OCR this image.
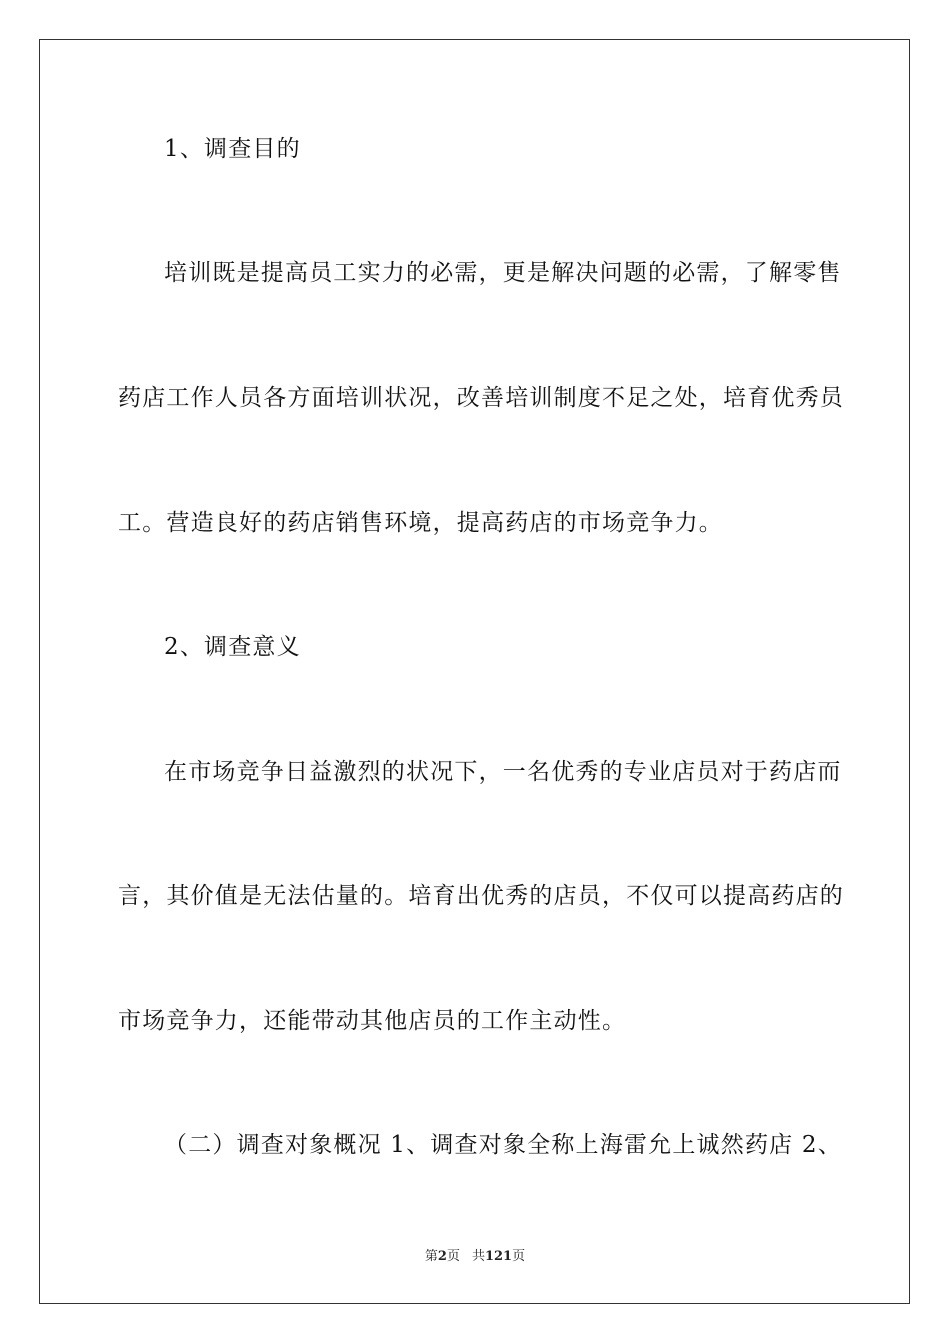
1、调查目的
培训既是提高员工实力的必需，更是解决问题的必需，了解零售
药店工作人员各方面培训状况，改善培训制度不足之处，培育优秀员
工。营造良好的药店销售环境，提高药店的市场竞争力。
2、调查意义
在市场竞争日益激烈的状况下，一名优秀的专业店员对于药店而
言，其价值是无法估量的。培育出优秀的店员，不仅可以提高药店的
市场竞争力，还能带动其他店员的工作主动性。
（二）调查对象概况 1、调查对象全称上海雷允上诚然药店 2、
第2页 共121页
